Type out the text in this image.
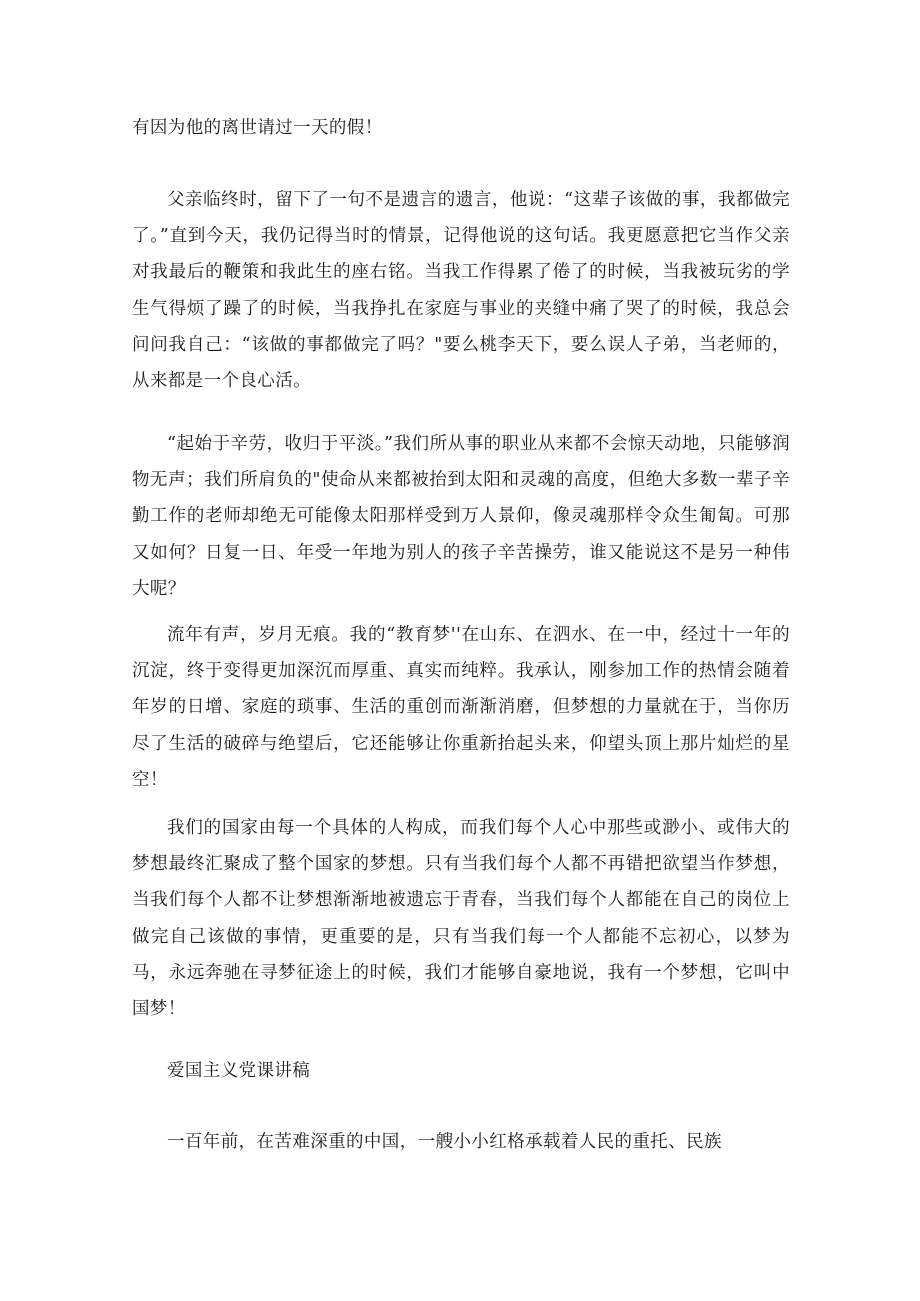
有因为他的离世请过一天的假！

父亲临终时，留下了一句不是遗言的遗言，他说：“这辈子该做的事，我都做完了。”直到今天，我仍记得当时的情景，记得他说的这句话。我更愿意把它当作父亲对我最后的鞭策和我此生的座右铭。当我工作得累了倦了的时候，当我被玩劣的学生气得烦了躁了的时候，当我挣扎在家庭与事业的夹缝中痛了哭了的时候，我总会问问我自己：“该做的事都做完了吗？"要么桃李天下，要么误人子弟，当老师的，从来都是一个良心活。

“起始于辛劳，收归于平淡。”我们所从事的职业从来都不会惊天动地，只能够润物无声；我们所肩负的"使命从来都被抬到太阳和灵魂的高度，但绝大多数一辈子辛勤工作的老师却绝无可能像太阳那样受到万人景仰，像灵魂那样令众生匍匐。可那又如何？日复一日、年受一年地为别人的孩子辛苦操劳，谁又能说这不是另一种伟大呢？

流年有声，岁月无痕。我的“教育梦''在山东、在泗水、在一中，经过十一年的沉淀，终于变得更加深沉而厚重、真实而纯粹。我承认，刚参加工作的热情会随着年岁的日增、家庭的琐事、生活的重创而渐渐消磨，但梦想的力量就在于，当你历尽了生活的破碎与绝望后，它还能够让你重新抬起头来，仰望头顶上那片灿烂的星空！

我们的国家由每一个具体的人构成，而我们每个人心中那些或渺小、或伟大的梦想最终汇聚成了整个国家的梦想。只有当我们每个人都不再错把欲望当作梦想，当我们每个人都不让梦想渐渐地被遗忘于青春，当我们每个人都能在自己的岗位上做完自己该做的事情，更重要的是，只有当我们每一个人都能不忘初心，以梦为马，永远奔驰在寻梦征途上的时候，我们才能够自豪地说，我有一个梦想，它叫中国梦！

爱国主义党课讲稿

一百年前，在苦难深重的中国，一艘小小红格承载着人民的重托、民族
